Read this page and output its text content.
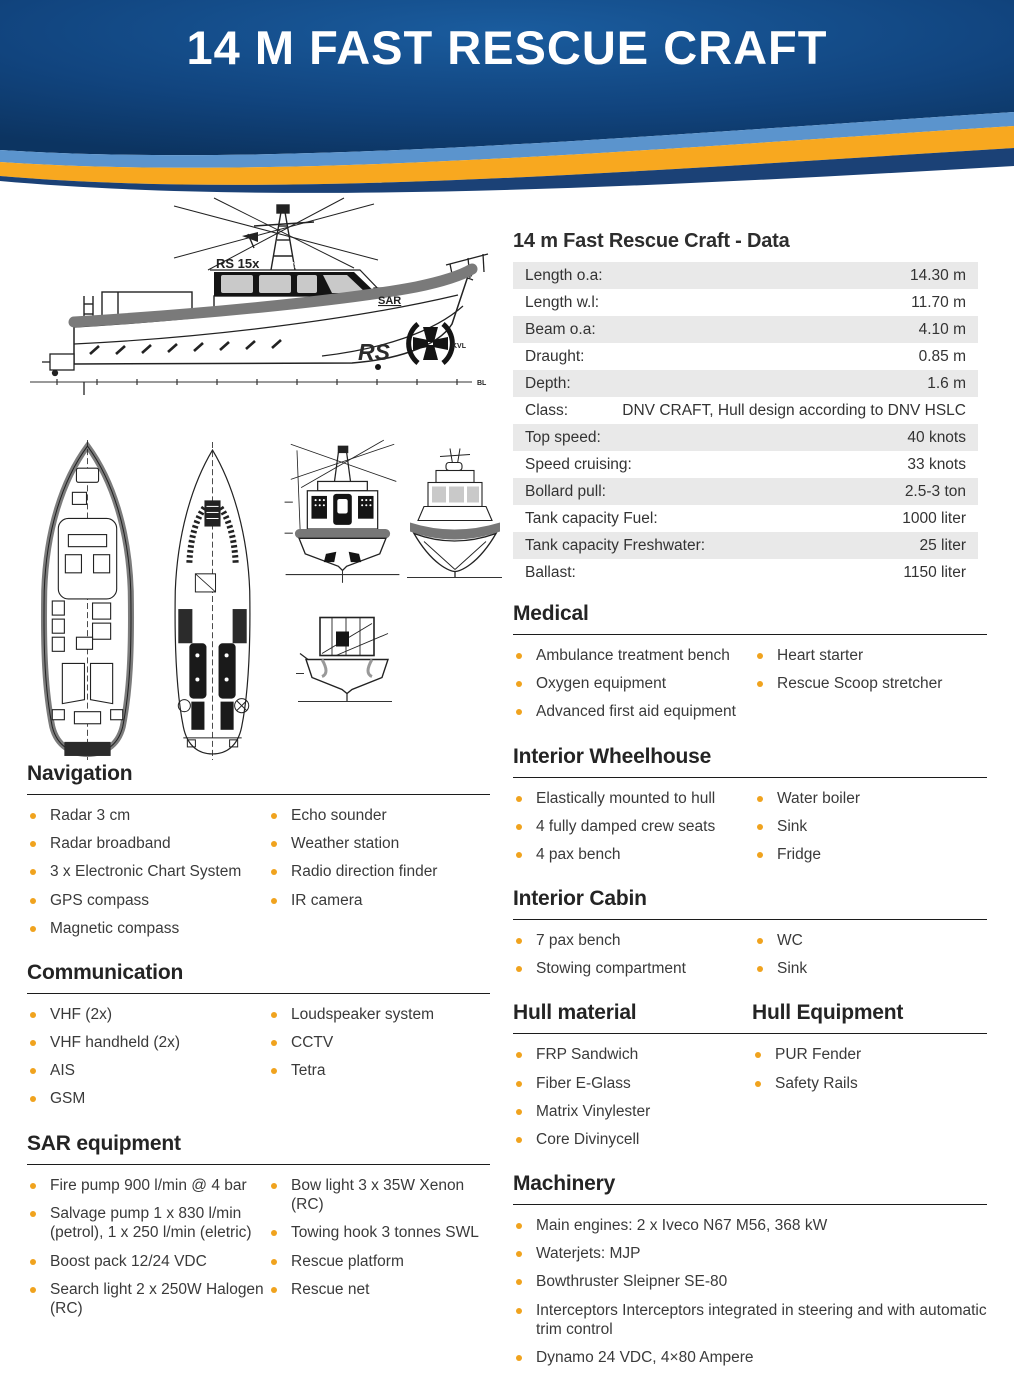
14 M FAST RESCUE CRAFT
RS 15x 916 79 65x
SAR
RS	KVL
BL
Navigation
Radar 3 cm
Radar broadband
3 x Electronic Chart System
GPS compass
Magnetic compass
Echo sounder
Weather station
Radio direction finder
IR camera
Communication
VHF (2x)
VHF handheld (2x)
AIS
GSM
Loudspeaker system
CCTV
Tetra
SAR equipment
Fire pump 900 l/min @ 4 bar
Salvage pump 1 x 830 l/min (petrol), 1 x 250 l/min (eletric)
Boost pack 12/24 VDC
Search light 2 x 250W Halogen (RC)
Bow light 3 x 35W Xenon (RC)
Towing hook 3 tonnes SWL
Rescue platform
Rescue net
14 m Fast Rescue Craft - Data
Length o.a:	14.30 m
Length w.l:	11.70 m
Beam o.a:	4.10 m
Draught:	0.85 m
Depth:	1.6 m
Class:	DNV CRAFT, Hull design according to DNV HSLC
Top speed:	40 knots
Speed cruising:	33 knots
Bollard pull:	2.5-3 ton
Tank capacity Fuel:	1000 liter
Tank capacity Freshwater:	25 liter
Ballast:	1150 liter
Medical
Ambulance treatment bench
Oxygen equipment
Advanced first aid equipment
Heart starter
Rescue Scoop stretcher
Interior Wheelhouse
Elastically mounted to hull
4 fully damped crew seats
4 pax bench
Water boiler
Sink
Fridge
Interior Cabin
7 pax bench
Stowing compartment
WC
Sink
Hull material
FRP Sandwich
Fiber E-Glass
Matrix Vinylester
Core Divinycell
Hull Equipment
PUR Fender
Safety Rails
Machinery
Main engines: 2 x Iveco N67 M56, 368 kW
Waterjets: MJP
Bowthruster Sleipner SE-80
Interceptors Interceptors integrated in steering and with automatic trim control
Dynamo 24 VDC, 4×80 Ampere
